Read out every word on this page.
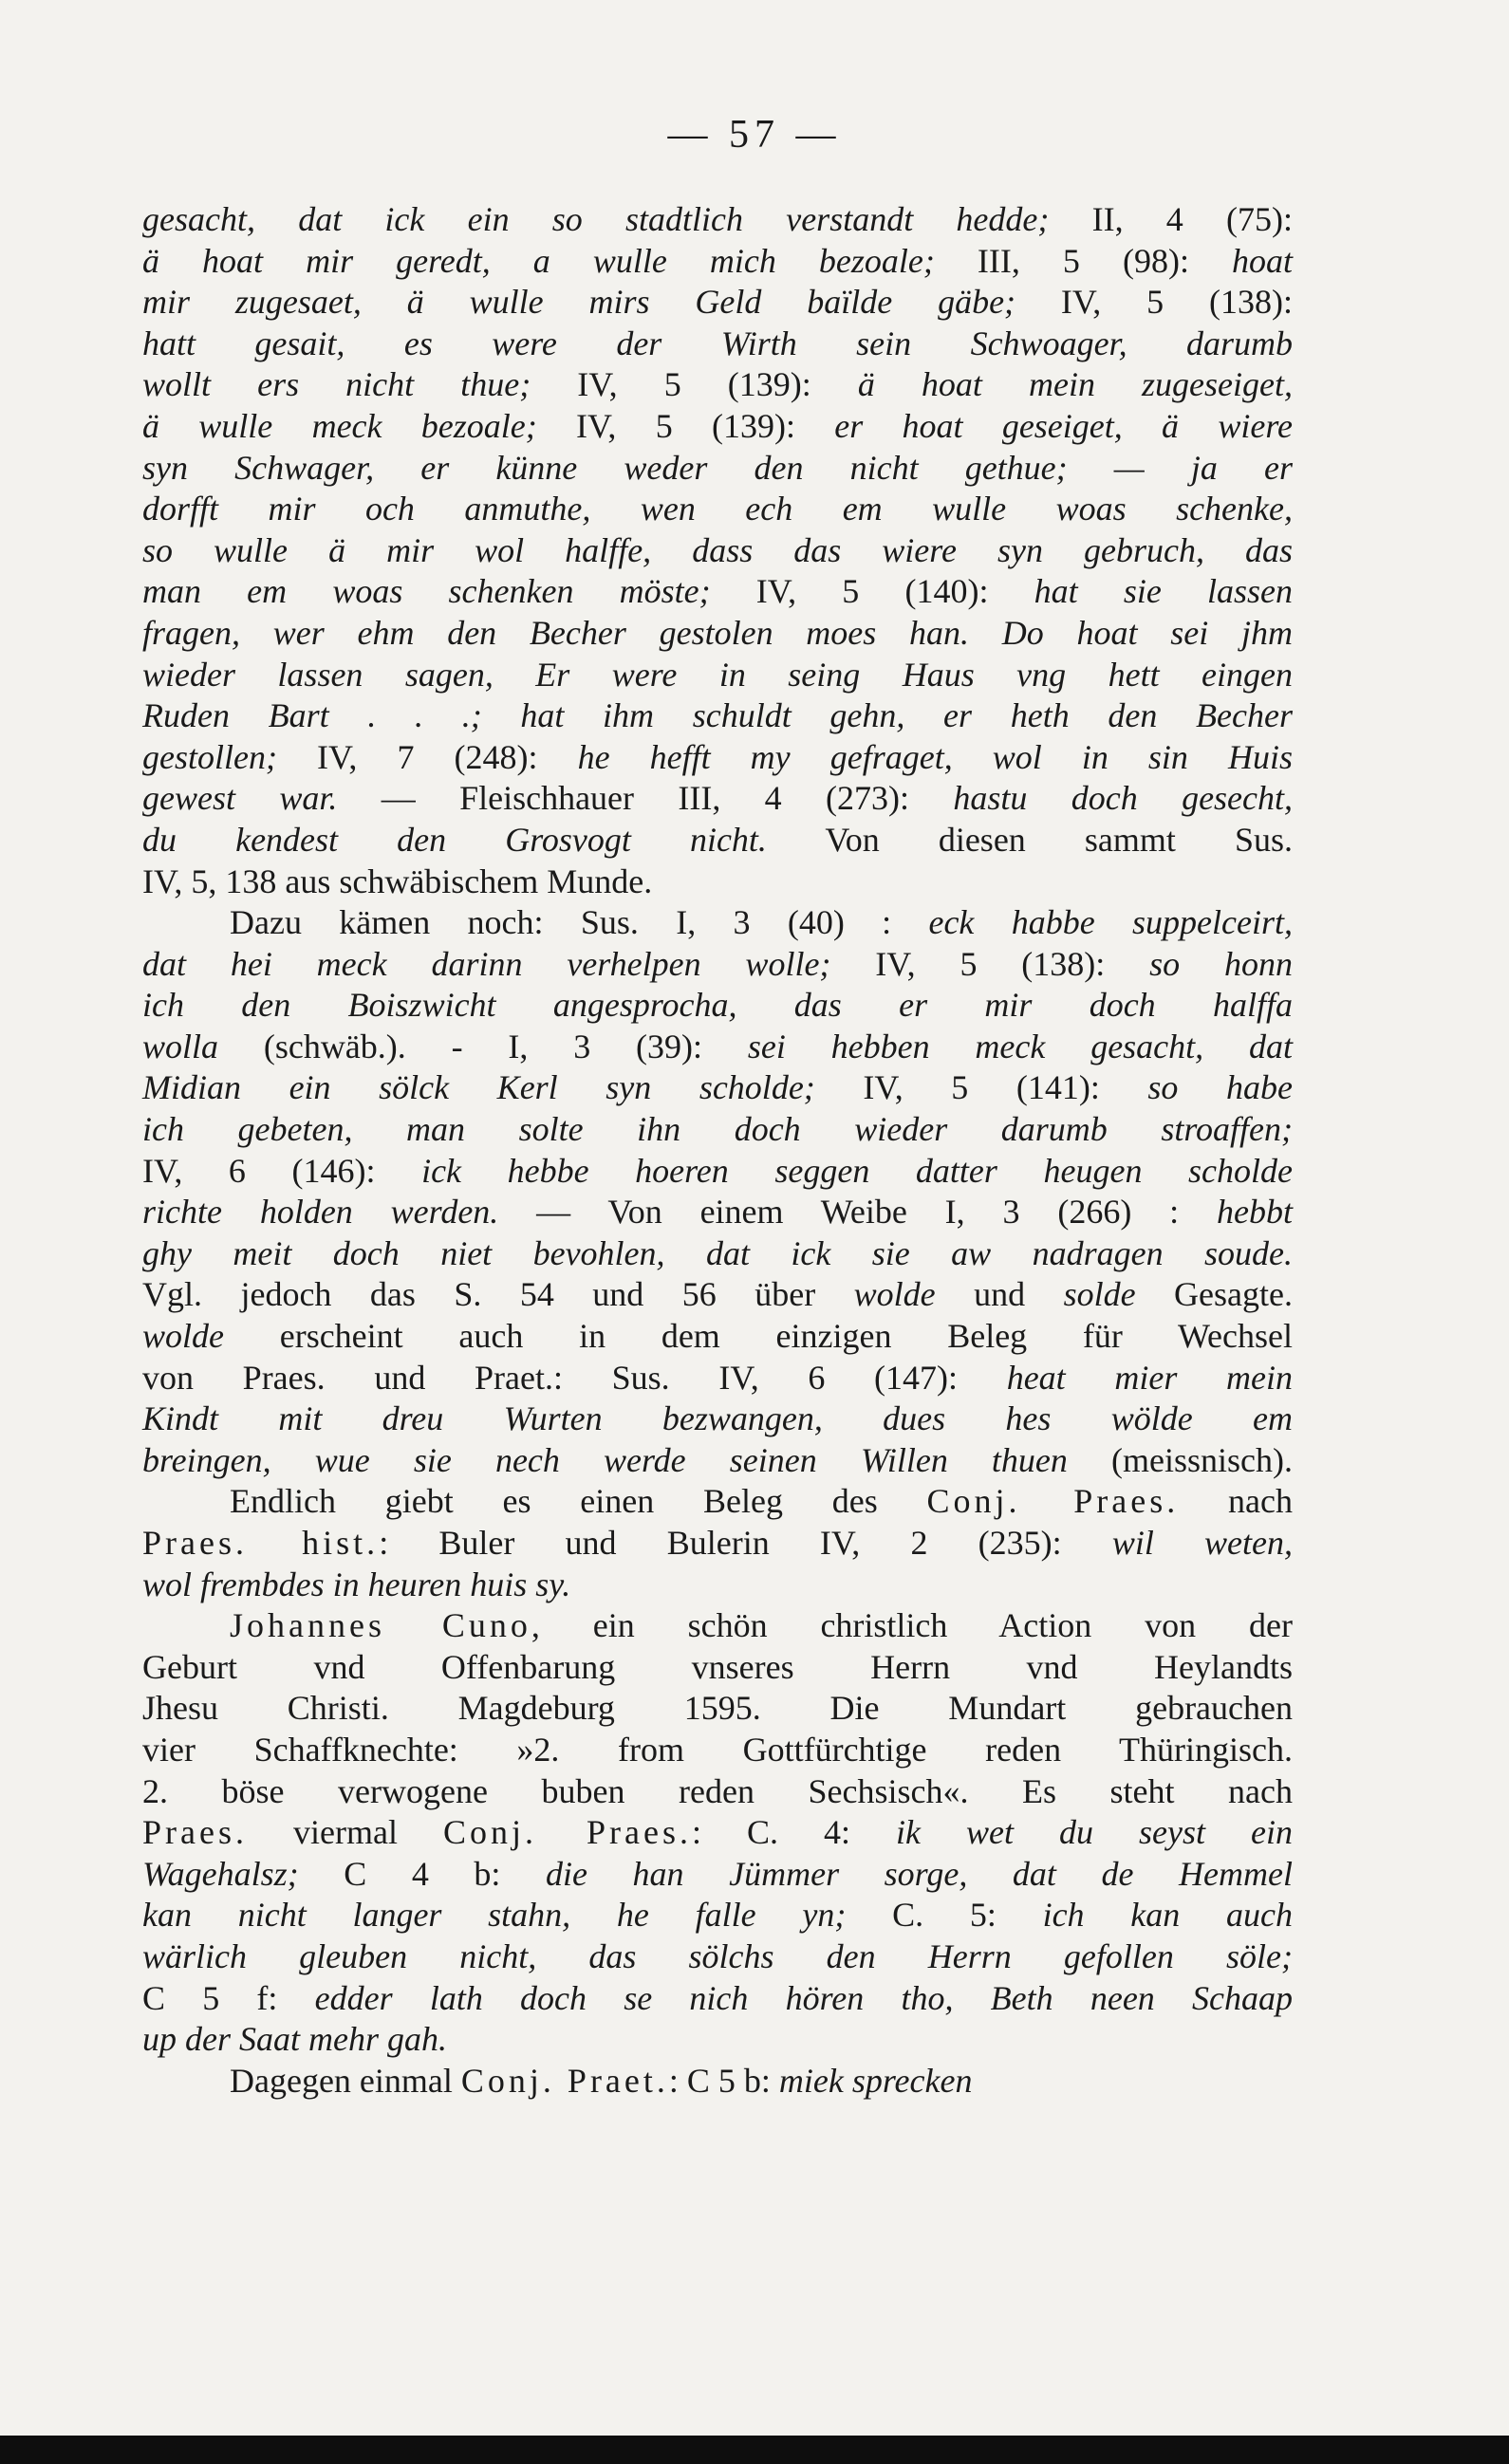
— 57 —
gesacht, dat ick ein so stadtlich verstandt hedde; II, 4 (75):
ä hoat mir geredt, a wulle mich bezoale; III, 5 (98): hoat
mir zugesaet, ä wulle mirs Geld baïlde gäbe; IV, 5 (138):
hatt gesait, es were der Wirth sein Schwoager, darumb
wollt ers nicht thue; IV, 5 (139): ä hoat mein zugeseiget,
ä wulle meck bezoale; IV, 5 (139): er hoat geseiget, ä wiere
syn Schwager, er künne weder den nicht gethue; — ja er
dorfft mir och anmuthe, wen ech em wulle woas schenke,
so wulle ä mir wol halffe, dass das wiere syn gebruch, das
man em woas schenken möste; IV, 5 (140): hat sie lassen
fragen, wer ehm den Becher gestolen moes han. Do hoat sei jhm
wieder lassen sagen, Er were in seing Haus vng hett eingen
Ruden Bart . . .; hat ihm schuldt gehn, er heth den Becher
gestollen; IV, 7 (248): he hefft my gefraget, wol in sin Huis
gewest war. — Fleischhauer III, 4 (273): hastu doch gesecht,
du kendest den Grosvogt nicht. Von diesen sammt Sus.
IV, 5, 138 aus schwäbischem Munde.
Dazu kämen noch: Sus. I, 3 (40) : eck habbe suppelceirt,
dat hei meck darinn verhelpen wolle; IV, 5 (138): so honn
ich den Boiszwicht angesprocha, das er mir doch halffa
wolla (schwäb.). - I, 3 (39): sei hebben meck gesacht, dat
Midian ein sölck Kerl syn scholde; IV, 5 (141): so habe
ich gebeten, man solte ihn doch wieder darumb stroaffen;
IV, 6 (146): ick hebbe hoeren seggen datter heugen scholde
richte holden werden. — Von einem Weibe I, 3 (266) : hebbt
ghy meit doch niet bevohlen, dat ick sie aw nadragen soude.
Vgl. jedoch das S. 54 und 56 über wolde und solde Gesagte.
wolde erscheint auch in dem einzigen Beleg für Wechsel
von Praes. und Praet.: Sus. IV, 6 (147): heat mier mein
Kindt mit dreu Wurten bezwangen, dues hes wölde em
breingen, wue sie nech werde seinen Willen thuen (meissnisch).
Endlich giebt es einen Beleg des Conj. Praes. nach
Praes. hist.: Buler und Bulerin IV, 2 (235): wil weten,
wol frembdes in heuren huis sy.
Johannes Cuno, ein schön christlich Action von der
Geburt vnd Offenbarung vnseres Herrn vnd Heylandts
Jhesu Christi. Magdeburg 1595. Die Mundart gebrauchen
vier Schaffknechte: »2. from Gottfürchtige reden Thüringisch.
2. böse verwogene buben reden Sechsisch«. Es steht nach
Praes. viermal Conj. Praes.: C. 4: ik wet du seyst ein
Wagehalsz; C 4 b: die han Jümmer sorge, dat de Hemmel
kan nicht langer stahn, he falle yn; C. 5: ich kan auch
wärlich gleuben nicht, das sölchs den Herrn gefollen söle;
C 5 f: edder lath doch se nich hören tho, Beth neen Schaap
up der Saat mehr gah.
Dagegen einmal Conj. Praet.: C 5 b: miek sprecken
